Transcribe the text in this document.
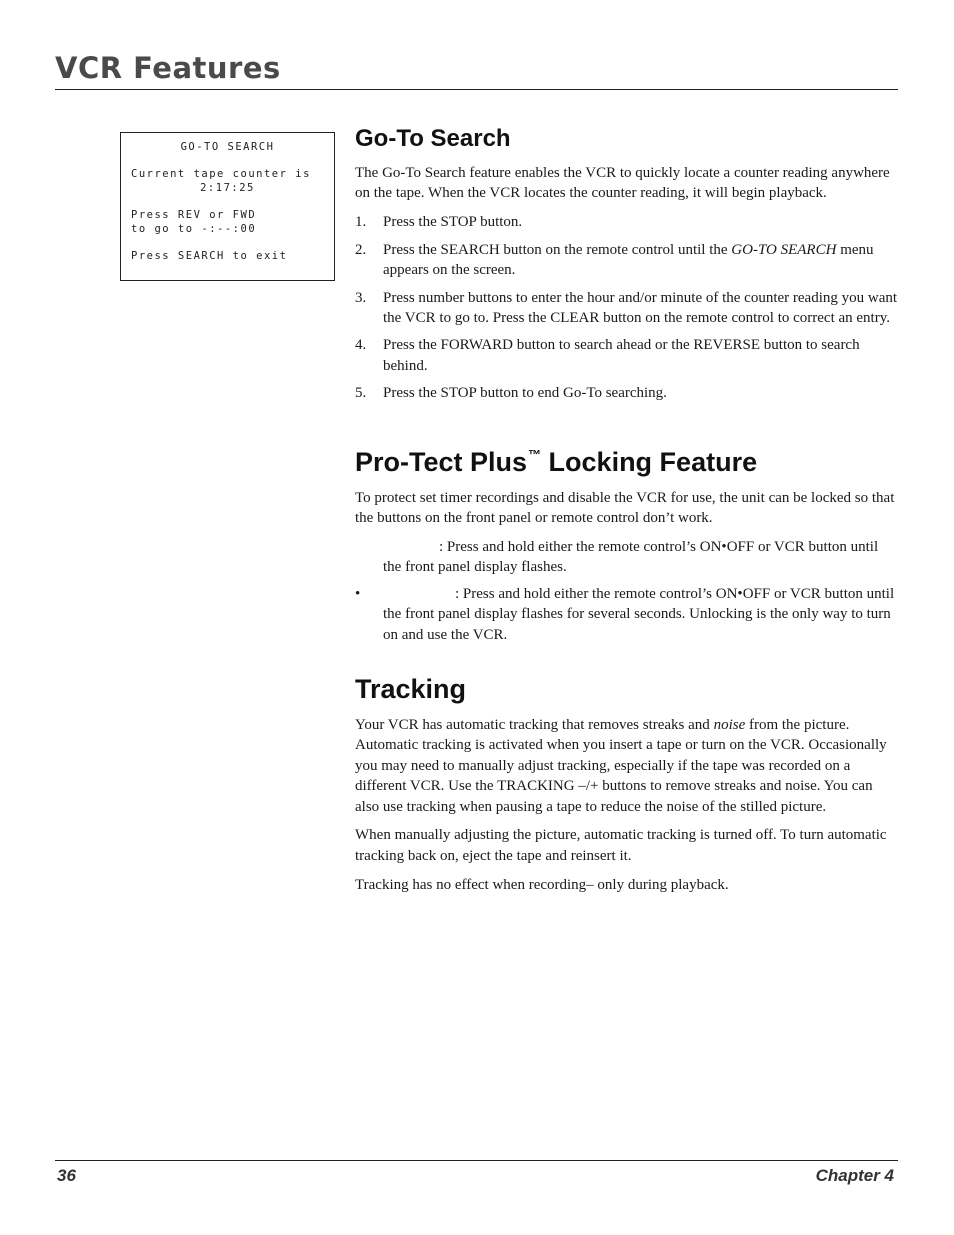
VCR Features
GO-TO SEARCH
Current tape counter is
2:17:25
Press REV or FWD
to go to -:--:00
Press SEARCH to exit
Go-To Search

The Go-To Search feature enables the VCR to quickly locate a counter reading anywhere on the tape. When the VCR locates the counter reading, it will begin playback.

1. Press the STOP button.
2. Press the SEARCH button on the remote control until the GO-TO SEARCH menu appears on the screen.
3. Press number buttons to enter the hour and/or minute of the counter reading you want the VCR to go to. Press the CLEAR button on the remote control to correct an entry.
4. Press the FORWARD button to search ahead or the REVERSE button to search behind.
5. Press the STOP button to end Go-To searching.
Pro-Tect Plus™ Locking Feature

To protect set timer recordings and disable the VCR for use, the unit can be locked so that the buttons on the front panel or remote control don’t work.

: Press and hold either the remote control’s ON•OFF or VCR button until the front panel display flashes.
•	: Press and hold either the remote control’s ON•OFF or VCR button until the front panel display flashes for several seconds. Unlocking is the only way to turn on and use the VCR.
Tracking

Your VCR has automatic tracking that removes streaks and noise from the picture. Automatic tracking is activated when you insert a tape or turn on the VCR. Occasionally you may need to manually adjust tracking, especially if the tape was recorded on a different VCR. Use the TRACKING –/+ buttons to remove streaks and noise. You can also use tracking when pausing a tape to reduce the noise of the stilled picture.

When manually adjusting the picture, automatic tracking is turned off. To turn automatic tracking back on, eject the tape and reinsert it.

Tracking has no effect when recording– only during playback.

36	Chapter 4
